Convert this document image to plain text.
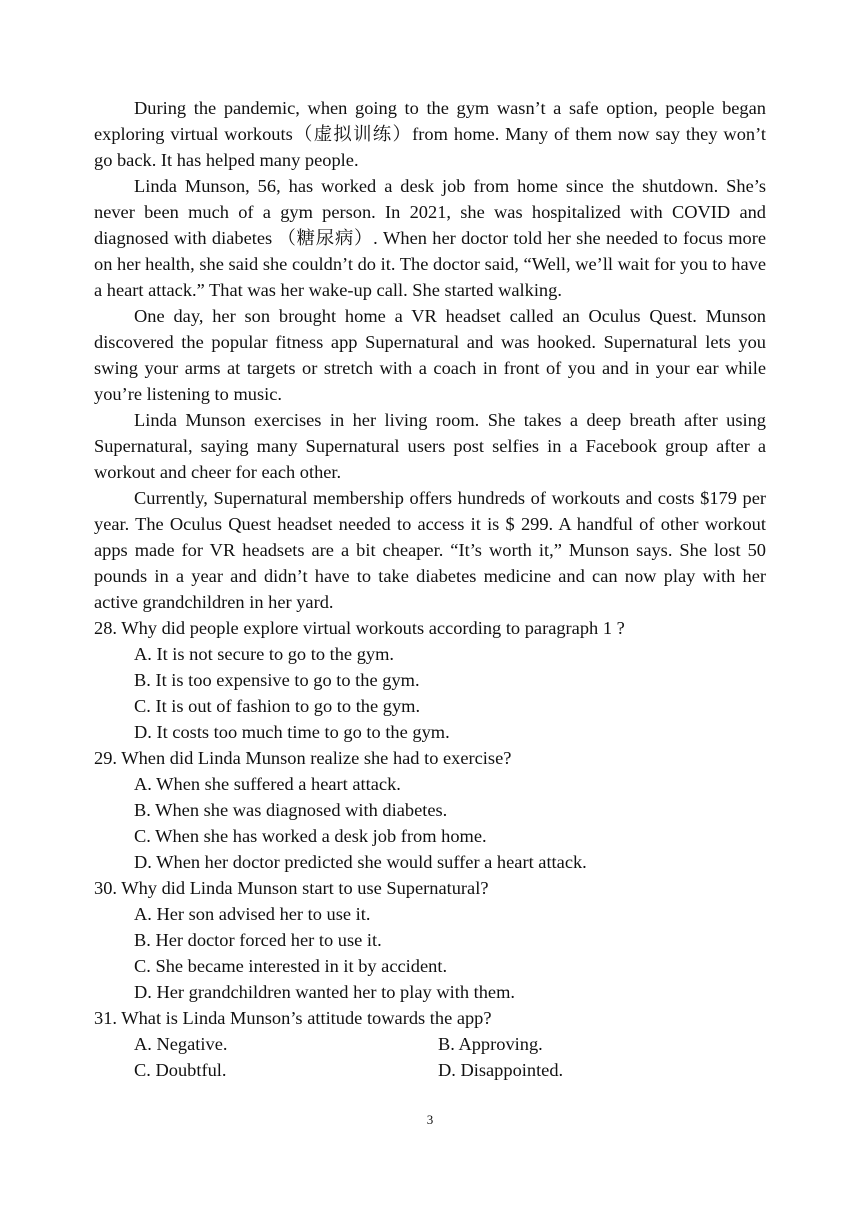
During the pandemic, when going to the gym wasn’t a safe option, people began exploring virtual workouts（虚拟训练）from home. Many of them now say they won’t go back. It has helped many people.

Linda Munson, 56, has worked a desk job from home since the shutdown. She’s never been much of a gym person. In 2021, she was hospitalized with COVID and diagnosed with diabetes （糖尿病）. When her doctor told her she needed to focus more on her health, she said she couldn’t do it. The doctor said, “Well, we’ll wait for you to have a heart attack.” That was her wake-up call. She started walking.

One day, her son brought home a VR headset called an Oculus Quest. Munson discovered the popular fitness app Supernatural and was hooked. Supernatural lets you swing your arms at targets or stretch with a coach in front of you and in your ear while you’re listening to music.

Linda Munson exercises in her living room. She takes a deep breath after using Supernatural, saying many Supernatural users post selfies in a Facebook group after a workout and cheer for each other.

Currently, Supernatural membership offers hundreds of workouts and costs $179 per year. The Oculus Quest headset needed to access it is $ 299. A handful of other workout apps made for VR headsets are a bit cheaper. “It’s worth it,” Munson says. She lost 50 pounds in a year and didn’t have to take diabetes medicine and can now play with her active grandchildren in her yard.

28. Why did people explore virtual workouts according to paragraph 1 ?

A. It is not secure to go to the gym.

B. It is too expensive to go to the gym.

C. It is out of fashion to go to the gym.

D. It costs too much time to go to the gym.

29. When did Linda Munson realize she had to exercise?

A. When she suffered a heart attack.

B. When she was diagnosed with diabetes.

C. When she has worked a desk job from home.

D. When her doctor predicted she would suffer a heart attack.

30. Why did Linda Munson start to use Supernatural?

A. Her son advised her to use it.

B. Her doctor forced her to use it.

C. She became interested in it by accident.

D. Her grandchildren wanted her to play with them.

31. What is Linda Munson’s attitude towards the app?

A. Negative.	B. Approving.
C. Doubtful.	D. Disappointed.
3
